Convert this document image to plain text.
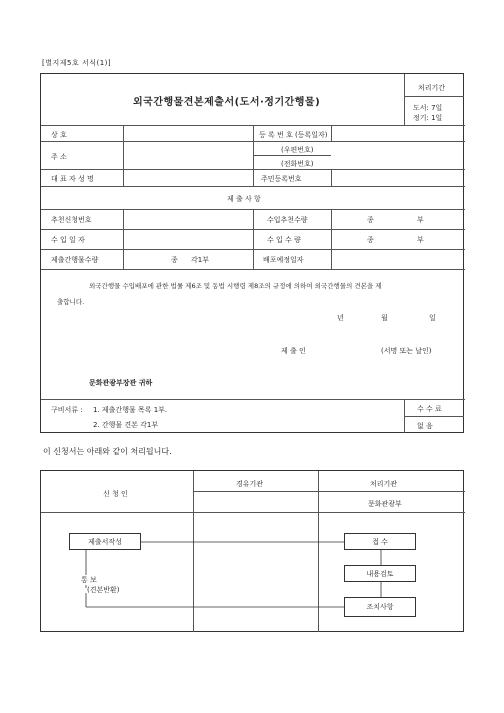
[별지제5호 서식(1)]
외국간행물견본제출서(도서·정기간행물)
처리기간
도서: 7일
정기: 1일
상 호	등 록 번 호 (등록일자)
주 소
(우편번호)
(전화번호)
대 표 자 성 명	주민등록번호
제 출 사 항
추천신청번호	수입추천수량	종	부
수 입 일 자	수 입 수 량	종	부
제출간행물수량	종 각1부	배포예정일자
외국간행물 수입배포에 관한 법률 제6조 및 동법 시행령 제8조의 규정에 의하여 외국간행물의 견본을 제
출합니다.
년	월	일
제 출 인	(서명 또는 날인)
문화관광부장관 귀하
구비서류 : 1. 제출간행물 목록 1부.
2. 간행물 견본 각1부
수 수 료
없 음
이 신청서는 아래와 같이 처리됩니다.
신 청 인
경유기관	처리기관
문화관광부
제출서작성	접 수
내용검토
조치사항
통 보
(견본반환)
